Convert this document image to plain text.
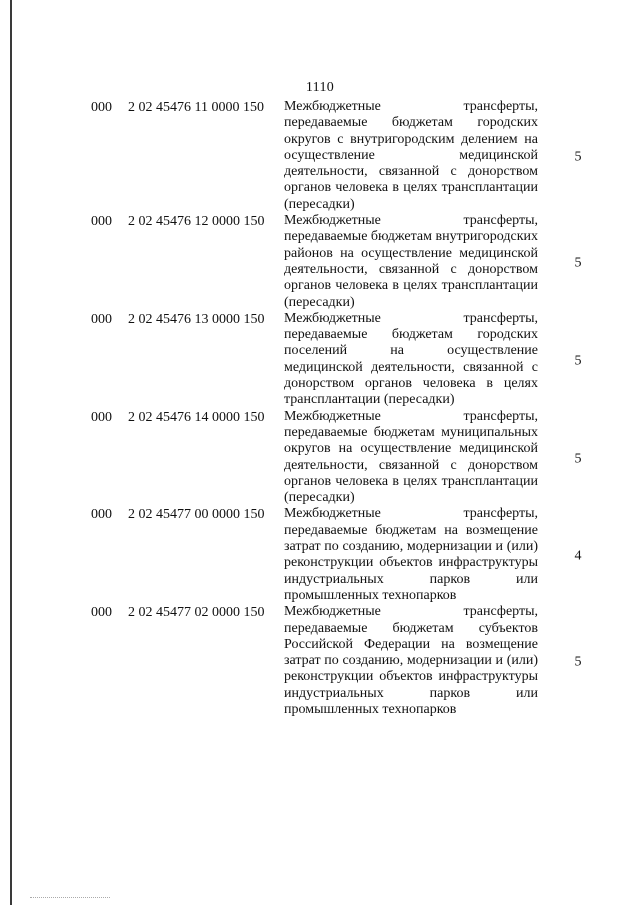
1110
000 2 02 45476 11 0000 150 Межбюджетные трансферты, передаваемые бюджетам городских округов с внутригородским делением на осуществление медицинской деятельности, связанной с донорством органов человека в целях трансплантации (пересадки)
5
000 2 02 45476 12 0000 150 Межбюджетные трансферты, передаваемые бюджетам внутригородских районов на осуществление медицинской деятельности, связанной с донорством органов человека в целях трансплантации (пересадки)
5
000 2 02 45476 13 0000 150 Межбюджетные трансферты, передаваемые бюджетам городских поселений на осуществление медицинской деятельности, связанной с донорством органов человека в целях трансплантации (пересадки)
5
000 2 02 45476 14 0000 150 Межбюджетные трансферты, передаваемые бюджетам муниципальных округов на осуществление медицинской деятельности, связанной с донорством органов человека в целях трансплантации (пересадки)
5
000 2 02 45477 00 0000 150 Межбюджетные трансферты, передаваемые бюджетам на возмещение затрат по созданию, модернизации и (или) реконструкции объектов инфраструктуры индустриальных парков или промышленных технопарков
4
000 2 02 45477 02 0000 150 Межбюджетные трансферты, передаваемые бюджетам субъектов Российской Федерации на возмещение затрат по созданию, модернизации и (или) реконструкции объектов инфраструктуры индустриальных парков или промышленных технопарков
5
